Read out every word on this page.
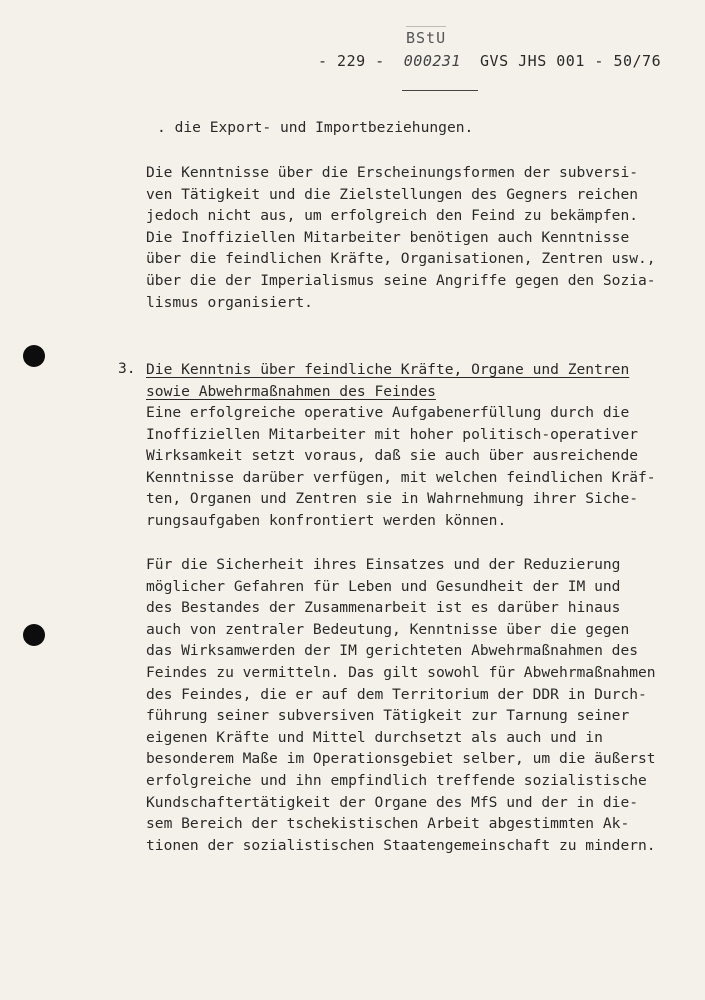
BStU
- 229 - 000231 GVS JHS 001 - 50/76
. die Export- und Importbeziehungen.
Die Kenntnisse über die Erscheinungsformen der subversi-
ven Tätigkeit und die Zielstellungen des Gegners reichen
jedoch nicht aus, um erfolgreich den Feind zu bekämpfen.
Die Inoffiziellen Mitarbeiter benötigen auch Kenntnisse
über die feindlichen Kräfte, Organisationen, Zentren usw.,
über die der Imperialismus seine Angriffe gegen den Sozia-
lismus organisiert.
3. Die Kenntnis über feindliche Kräfte, Organe und Zentren
sowie Abwehrmaßnahmen des Feindes
Eine erfolgreiche operative Aufgabenerfüllung durch die
Inoffiziellen Mitarbeiter mit hoher politisch-operativer
Wirksamkeit setzt voraus, daß sie auch über ausreichende
Kenntnisse darüber verfügen, mit welchen feindlichen Kräf-
ten, Organen und Zentren sie in Wahrnehmung ihrer Siche-
rungsaufgaben konfrontiert werden können.
Für die Sicherheit ihres Einsatzes und der Reduzierung
möglicher Gefahren für Leben und Gesundheit der IM und
des Bestandes der Zusammenarbeit ist es darüber hinaus
auch von zentraler Bedeutung, Kenntnisse über die gegen
das Wirksamwerden der IM gerichteten Abwehrmaßnahmen des
Feindes zu vermitteln. Das gilt sowohl für Abwehrmaßnahmen
des Feindes, die er auf dem Territorium der DDR in Durch-
führung seiner subversiven Tätigkeit zur Tarnung seiner
eigenen Kräfte und Mittel durchsetzt als auch und in
besonderem Maße im Operationsgebiet selber, um die äußerst
erfolgreiche und ihn empfindlich treffende sozialistische
Kundschaftertätigkeit der Organe des MfS und der in die-
sem Bereich der tschekistischen Arbeit abgestimmten Ak-
tionen der sozialistischen Staatengemeinschaft zu mindern.
